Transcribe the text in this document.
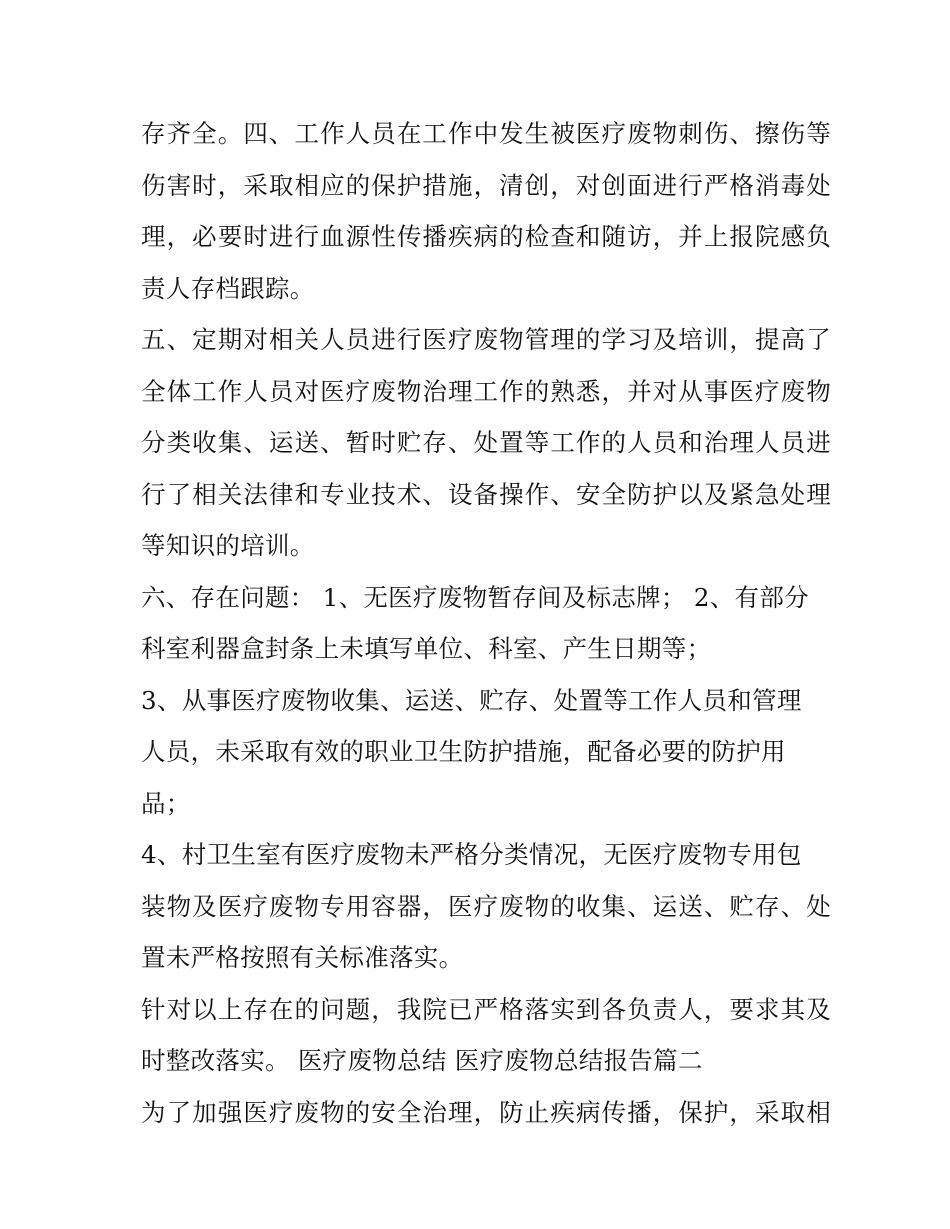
存齐全。四、工作人员在工作中发生被医疗废物刺伤、擦伤等
伤害时，采取相应的保护措施，清创，对创面进行严格消毒处
理，必要时进行血源性传播疾病的检查和随访，并上报院感负
责人存档跟踪。
五、定期对相关人员进行医疗废物管理的学习及培训，提高了
全体工作人员对医疗废物治理工作的熟悉，并对从事医疗废物
分类收集、运送、暂时贮存、处置等工作的人员和治理人员进
行了相关法律和专业技术、设备操作、安全防护以及紧急处理
等知识的培训。
六、存在问题： 1、无医疗废物暂存间及标志牌； 2、有部分
科室利器盒封条上未填写单位、科室、产生日期等；
3、从事医疗废物收集、运送、贮存、处置等工作人员和管理
人员，未采取有效的职业卫生防护措施，配备必要的防护用
品；
4、村卫生室有医疗废物未严格分类情况，无医疗废物专用包
装物及医疗废物专用容器，医疗废物的收集、运送、贮存、处
置未严格按照有关标准落实。
针对以上存在的问题，我院已严格落实到各负责人，要求其及
时整改落实。 医疗废物总结 医疗废物总结报告篇二
为了加强医疗废物的安全治理，防止疾病传播，保护，采取相
